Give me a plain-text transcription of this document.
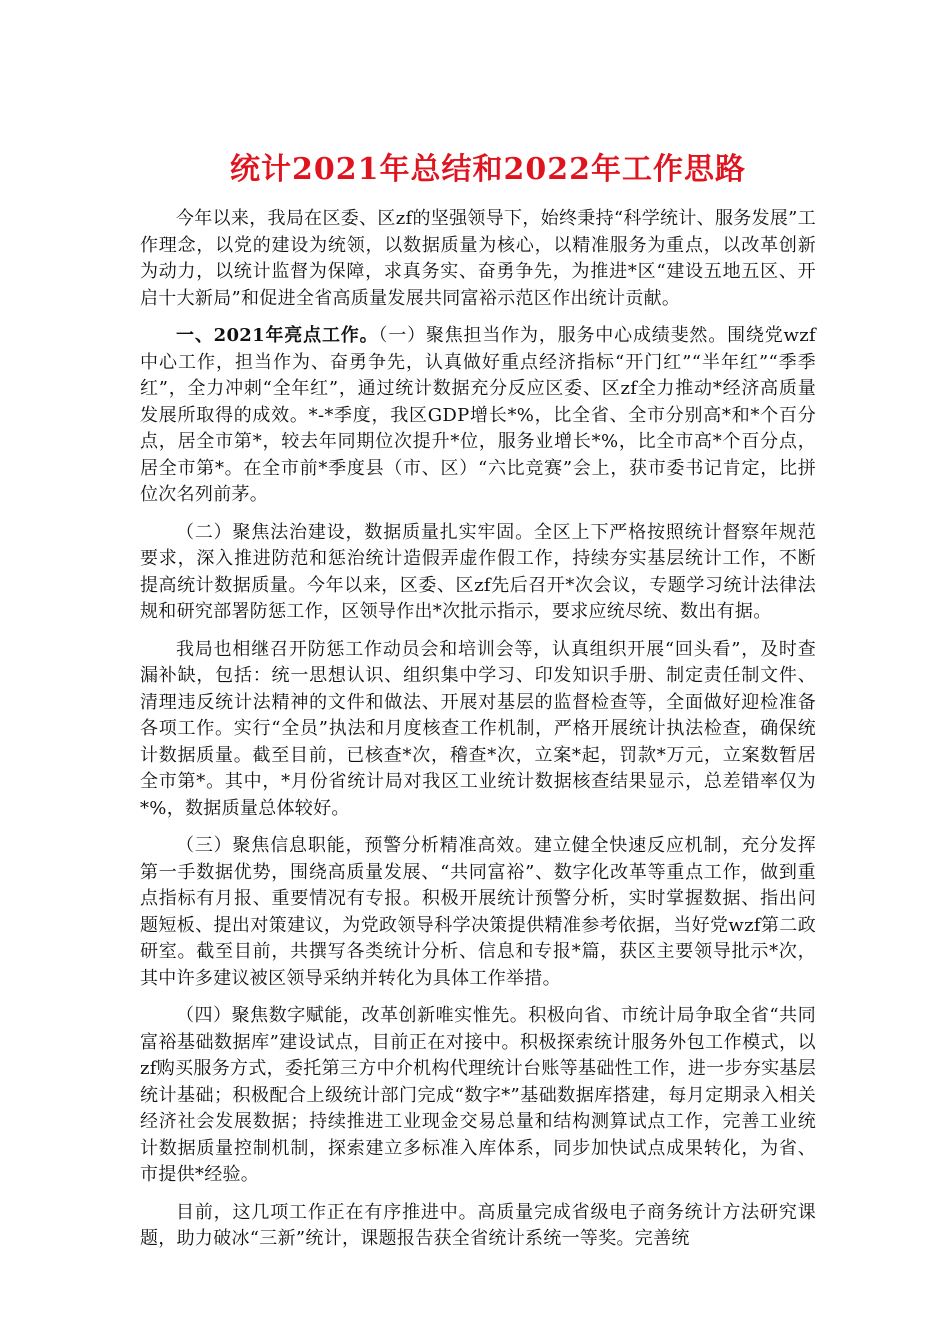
统计2021年总结和2022年工作思路

今年以来，我局在区委、区zf的坚强领导下，始终秉持“科学统计、服务发展”工作理念，以党的建设为统领，以数据质量为核心，以精准服务为重点，以改革创新为动力，以统计监督为保障，求真务实、奋勇争先，为推进*区“建设五地五区、开启十大新局”和促进全省高质量发展共同富裕示范区作出统计贡献。

一、2021年亮点工作。（一）聚焦担当作为，服务中心成绩斐然。围绕党wzf中心工作，担当作为、奋勇争先，认真做好重点经济指标“开门红”“半年红”“季季红”，全力冲刺“全年红”，通过统计数据充分反应区委、区zf全力推动*经济高质量发展所取得的成效。*-*季度，我区GDP增长*%，比全省、全市分别高*和*个百分点，居全市第*，较去年同期位次提升*位，服务业增长*%，比全市高*个百分点，居全市第*。在全市前*季度县（市、区）“六比竞赛”会上，获市委书记肯定，比拼位次名列前茅。

（二）聚焦法治建设，数据质量扎实牢固。全区上下严格按照统计督察年规范要求，深入推进防范和惩治统计造假弄虚作假工作，持续夯实基层统计工作，不断提高统计数据质量。今年以来，区委、区zf先后召开*次会议，专题学习统计法律法规和研究部署防惩工作，区领导作出*次批示指示，要求应统尽统、数出有据。

我局也相继召开防惩工作动员会和培训会等，认真组织开展“回头看”，及时查漏补缺，包括：统一思想认识、组织集中学习、印发知识手册、制定责任制文件、清理违反统计法精神的文件和做法、开展对基层的监督检查等，全面做好迎检准备各项工作。实行“全员”执法和月度核查工作机制，严格开展统计执法检查，确保统计数据质量。截至目前，已核查*次，稽查*次，立案*起，罚款*万元，立案数暂居全市第*。其中，*月份省统计局对我区工业统计数据核查结果显示，总差错率仅为*%，数据质量总体较好。

（三）聚焦信息职能，预警分析精准高效。建立健全快速反应机制，充分发挥第一手数据优势，围绕高质量发展、“共同富裕”、数字化改革等重点工作，做到重点指标有月报、重要情况有专报。积极开展统计预警分析，实时掌握数据、指出问题短板、提出对策建议，为党政领导科学决策提供精准参考依据，当好党wzf第二政研室。截至目前，共撰写各类统计分析、信息和专报*篇，获区主要领导批示*次，其中许多建议被区领导采纳并转化为具体工作举措。

（四）聚焦数字赋能，改革创新唯实惟先。积极向省、市统计局争取全省“共同富裕基础数据库”建设试点，目前正在对接中。积极探索统计服务外包工作模式，以zf购买服务方式，委托第三方中介机构代理统计台账等基础性工作，进一步夯实基层统计基础；积极配合上级统计部门完成“数字*”基础数据库搭建，每月定期录入相关经济社会发展数据；持续推进工业现金交易总量和结构测算试点工作，完善工业统计数据质量控制机制，探索建立多标准入库体系，同步加快试点成果转化，为省、市提供*经验。

目前，这几项工作正在有序推进中。高质量完成省级电子商务统计方法研究课题，助力破冰“三新”统计，课题报告获全省统计系统一等奖。完善统
